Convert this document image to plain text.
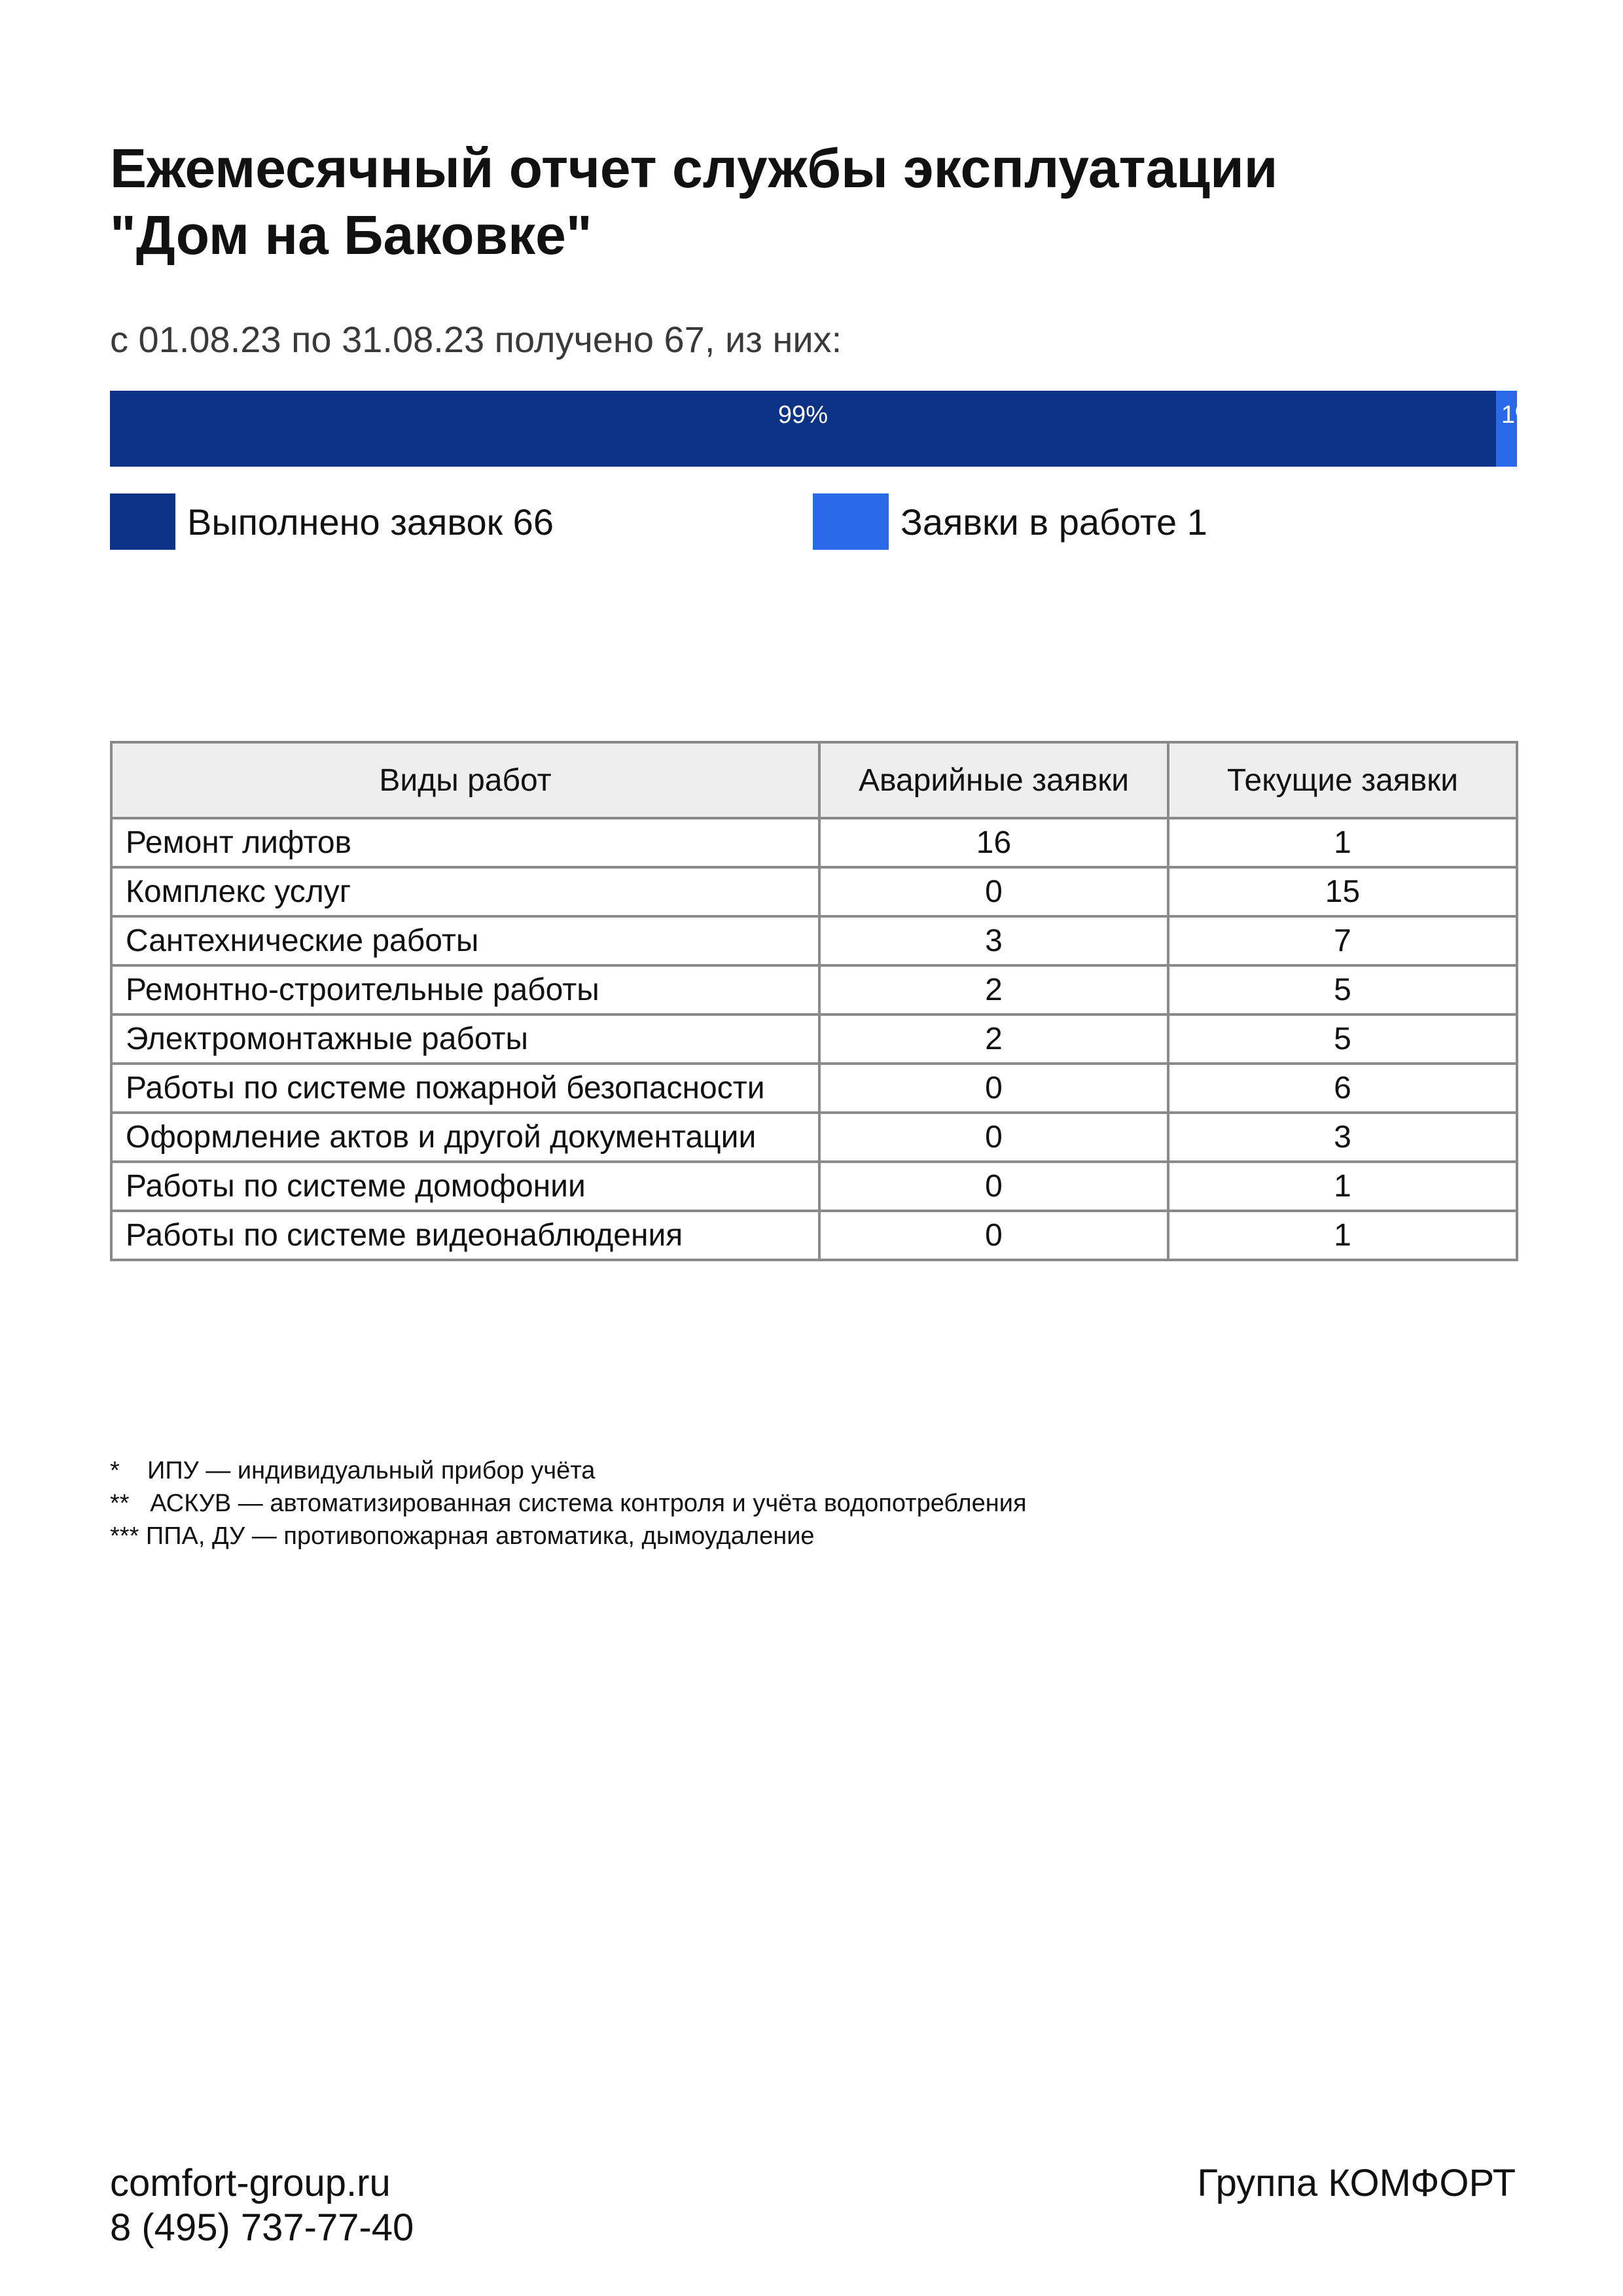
Ежемесячный отчет службы эксплуатации
"Дом на Баковке"
с 01.08.23 по 31.08.23 получено 67, из них:
99%	1%
Выполнено заявок 66	Заявки в работе 1
Виды работ	Аварийные заявки	Текущие заявки
Ремонт лифтов	16	1
Комплекс услуг	0	15
Сантехнические работы	3	7
Ремонтно-строительные работы	2	5
Электромонтажные работы	2	5
Работы по системе пожарной безопасности	0	6
Оформление актов и другой документации	0	3
Работы по системе домофонии	0	1
Работы по системе видеонаблюдения	0	1
*    ИПУ — индивидуальный прибор учёта
**   АСКУВ — автоматизированная система контроля и учёта водопотребления
*** ППА, ДУ — противопожарная автоматика, дымоудаление
comfort-group.ru
8 (495) 737-77-40
Группа КОМФОРТ
